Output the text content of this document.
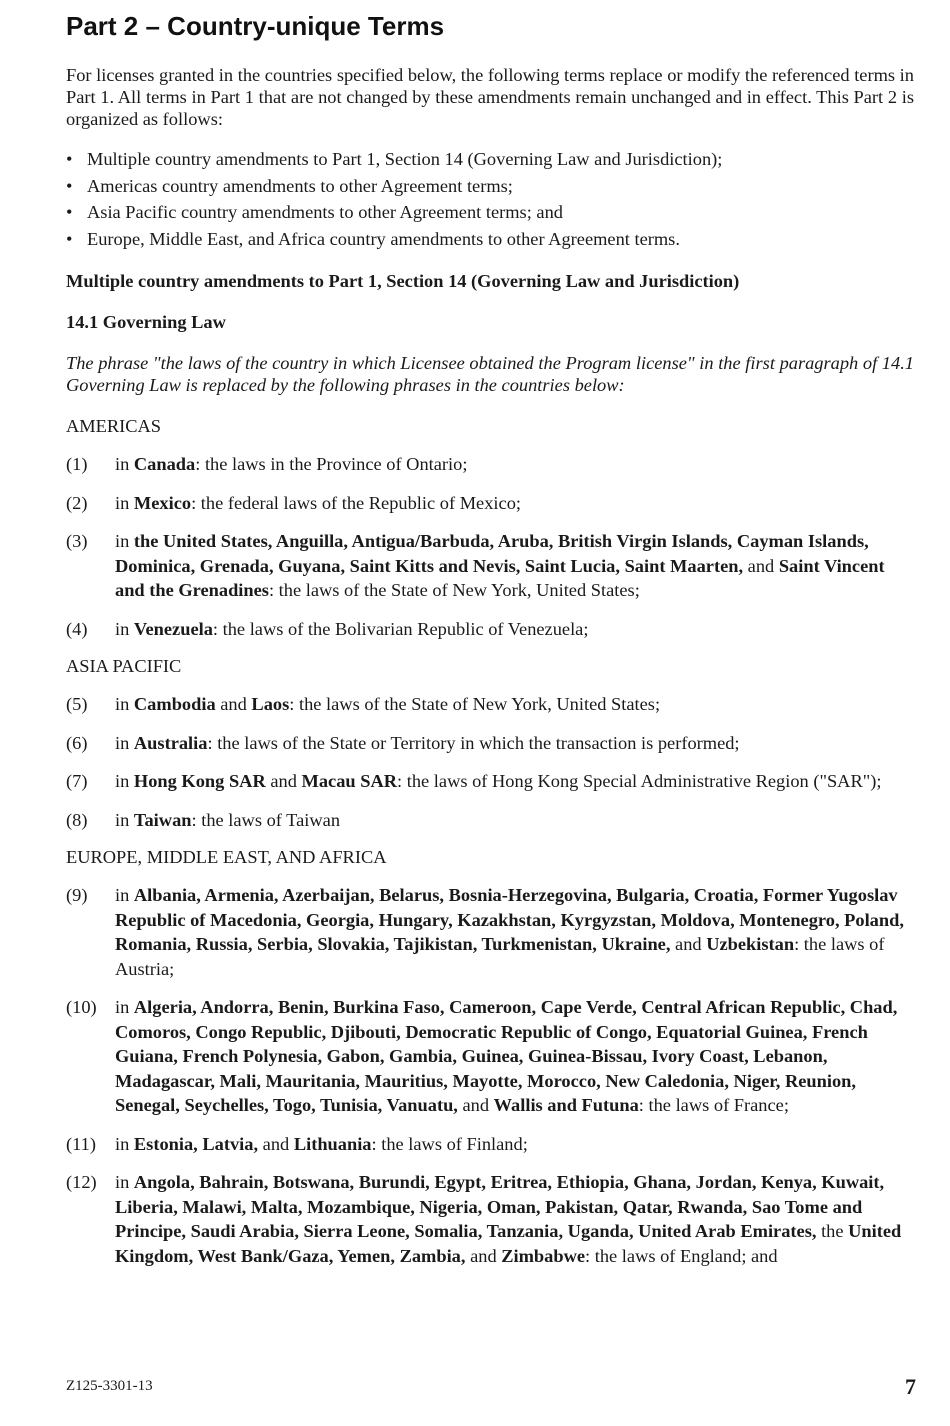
Part 2 – Country-unique Terms

For licenses granted in the countries specified below, the following terms replace or modify the referenced terms in Part 1. All terms in Part 1 that are not changed by these amendments remain unchanged and in effect. This Part 2 is organized as follows:

• Multiple country amendments to Part 1, Section 14 (Governing Law and Jurisdiction);
• Americas country amendments to other Agreement terms;
• Asia Pacific country amendments to other Agreement terms; and
• Europe, Middle East, and Africa country amendments to other Agreement terms.
Multiple country amendments to Part 1, Section 14 (Governing Law and Jurisdiction)
14.1 Governing Law

The phrase "the laws of the country in which Licensee obtained the Program license" in the first paragraph of 14.1 Governing Law is replaced by the following phrases in the countries below:

AMERICAS
(1)	in Canada: the laws in the Province of Ontario;
(2)	in Mexico: the federal laws of the Republic of Mexico;
(3)	in the United States, Anguilla, Antigua/Barbuda, Aruba, British Virgin Islands, Cayman Islands, Dominica, Grenada, Guyana, Saint Kitts and Nevis, Saint Lucia, Saint Maarten, and Saint Vincent and the Grenadines: the laws of the State of New York, United States;
(4)	in Venezuela: the laws of the Bolivarian Republic of Venezuela;
ASIA PACIFIC
(5)	in Cambodia and Laos: the laws of the State of New York, United States;
(6)	in Australia: the laws of the State or Territory in which the transaction is performed;
(7)	in Hong Kong SAR and Macau SAR: the laws of Hong Kong Special Administrative Region ("SAR");
(8)	in Taiwan: the laws of Taiwan
EUROPE, MIDDLE EAST, AND AFRICA
(9)	in Albania, Armenia, Azerbaijan, Belarus, Bosnia-Herzegovina, Bulgaria, Croatia, Former Yugoslav Republic of Macedonia, Georgia, Hungary, Kazakhstan, Kyrgyzstan, Moldova, Montenegro, Poland, Romania, Russia, Serbia, Slovakia, Tajikistan, Turkmenistan, Ukraine, and Uzbekistan: the laws of Austria;
(10) in Algeria, Andorra, Benin, Burkina Faso, Cameroon, Cape Verde, Central African Republic, Chad, Comoros, Congo Republic, Djibouti, Democratic Republic of Congo, Equatorial Guinea, French Guiana, French Polynesia, Gabon, Gambia, Guinea, Guinea-Bissau, Ivory Coast, Lebanon, Madagascar, Mali, Mauritania, Mauritius, Mayotte, Morocco, New Caledonia, Niger, Reunion, Senegal, Seychelles, Togo, Tunisia, Vanuatu, and Wallis and Futuna: the laws of France;
(11)	in Estonia, Latvia, and Lithuania: the laws of Finland;
(12) in Angola, Bahrain, Botswana, Burundi, Egypt, Eritrea, Ethiopia, Ghana, Jordan, Kenya, Kuwait, Liberia, Malawi, Malta, Mozambique, Nigeria, Oman, Pakistan, Qatar, Rwanda, Sao Tome and Principe, Saudi Arabia, Sierra Leone, Somalia, Tanzania, Uganda, United Arab Emirates, the United Kingdom, West Bank/Gaza, Yemen, Zambia, and Zimbabwe: the laws of England; and
Z125-3301-13	7
